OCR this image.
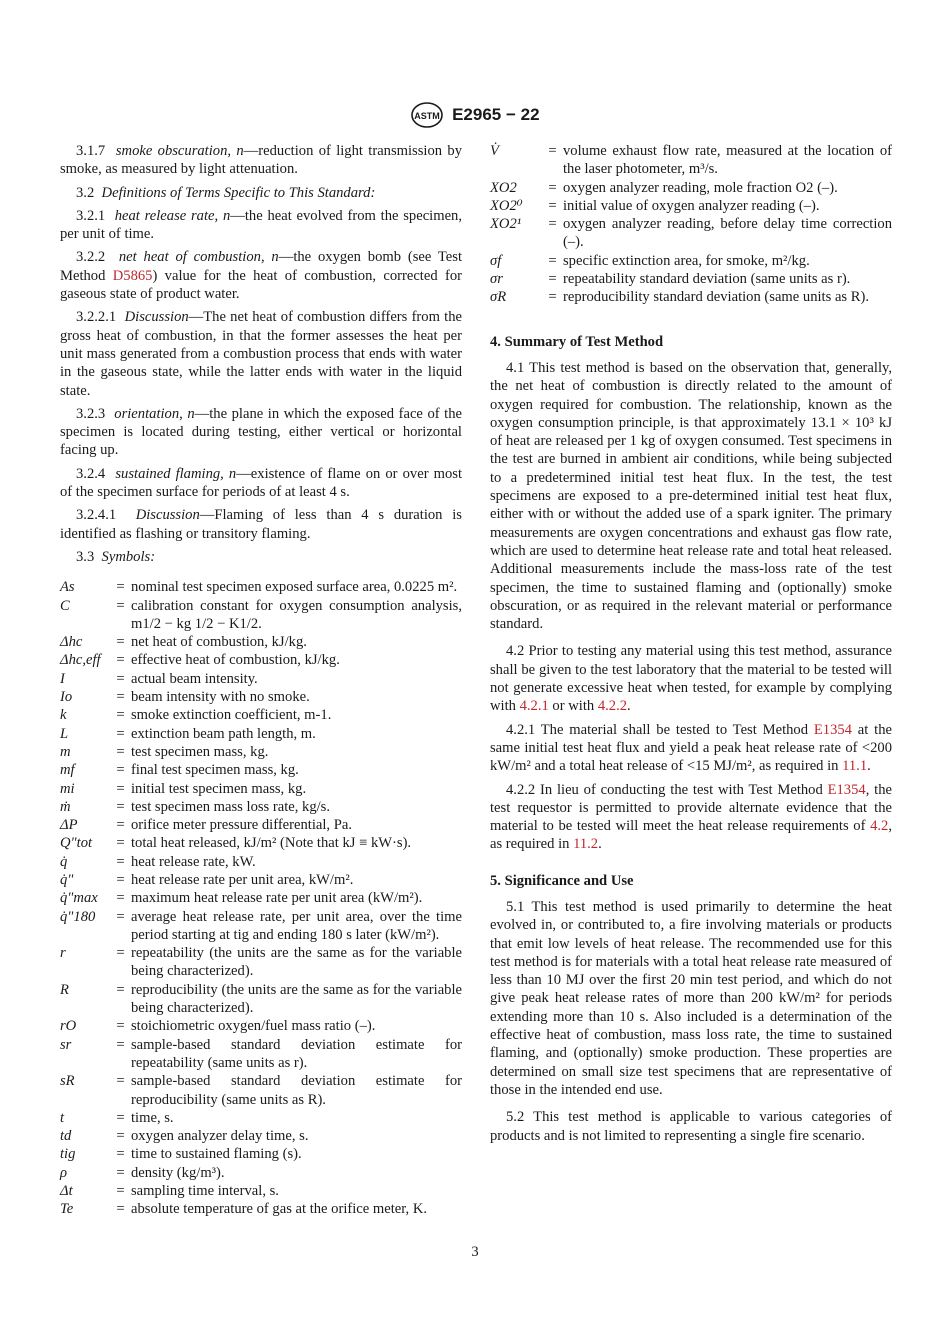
ASTM E2965 − 22

3.1.7 smoke obscuration, n—reduction of light transmission by smoke, as measured by light attenuation.

3.2 Definitions of Terms Specific to This Standard:

3.2.1 heat release rate, n—the heat evolved from the specimen, per unit of time.

3.2.2 net heat of combustion, n—the oxygen bomb (see Test Method D5865) value for the heat of combustion, corrected for gaseous state of product water.

3.2.2.1 Discussion—The net heat of combustion differs from the gross heat of combustion, in that the former assesses the heat per unit mass generated from a combustion process that ends with water in the gaseous state, while the latter ends with water in the liquid state.

3.2.3 orientation, n—the plane in which the exposed face of the specimen is located during testing, either vertical or horizontal facing up.

3.2.4 sustained flaming, n—existence of flame on or over most of the specimen surface for periods of at least 4 s.

3.2.4.1 Discussion—Flaming of less than 4 s duration is identified as flashing or transitory flaming.

3.3 Symbols:

As	= nominal test specimen exposed surface area, 0.0225 m².
C	= calibration constant for oxygen consumption analysis, m1/2 − kg 1/2 − K1/2.
Δhc	= net heat of combustion, kJ/kg.
Δhc,eff	= effective heat of combustion, kJ/kg.
I	= actual beam intensity.
Io	= beam intensity with no smoke.
k	= smoke extinction coefficient, m-1.
L	= extinction beam path length, m.
m	= test specimen mass, kg.
mf	= final test specimen mass, kg.
mi	= initial test specimen mass, kg.
ṁ	= test specimen mass loss rate, kg/s.
ΔP	= orifice meter pressure differential, Pa.
Q"tot	= total heat released, kJ/m² (Note that kJ ≡ kW·s).
q̇	= heat release rate, kW.
q̇"	= heat release rate per unit area, kW/m².
q̇"max	= maximum heat release rate per unit area (kW/m²).
q̇"180	= average heat release rate, per unit area, over the time period starting at tig and ending 180 s later (kW/m²).
r	= repeatability (the units are the same as for the variable being characterized).
R	= reproducibility (the units are the same as for the variable being characterized).
rO	= stoichiometric oxygen/fuel mass ratio (–).
sr	= sample-based standard deviation estimate for repeatability (same units as r).
sR	= sample-based standard deviation estimate for reproducibility (same units as R).
t	= time, s.
td	= oxygen analyzer delay time, s.
tig	= time to sustained flaming (s).
ρ	= density (kg/m³).
Δt	= sampling time interval, s.
Te	= absolute temperature of gas at the orifice meter, K.
V̇	= volume exhaust flow rate, measured at the location of the laser photometer, m³/s.
XO2	= oxygen analyzer reading, mole fraction O2 (–).
XO2⁰	= initial value of oxygen analyzer reading (–).
XO2¹	= oxygen analyzer reading, before delay time correction (–).
σf	= specific extinction area, for smoke, m²/kg.
σr	= repeatability standard deviation (same units as r).
σR	= reproducibility standard deviation (same units as R).

4. Summary of Test Method

4.1 This test method is based on the observation that, generally, the net heat of combustion is directly related to the amount of oxygen required for combustion. The relationship, known as the oxygen consumption principle, is that approximately 13.1 × 10³ kJ of heat are released per 1 kg of oxygen consumed. Test specimens in the test are burned in ambient air conditions, while being subjected to a predetermined initial test heat flux. In the test, the test specimens are exposed to a pre-determined initial test heat flux, either with or without the added use of a spark igniter. The primary measurements are oxygen concentrations and exhaust gas flow rate, which are used to determine heat release rate and total heat released. Additional measurements include the mass-loss rate of the test specimen, the time to sustained flaming and (optionally) smoke obscuration, or as required in the relevant material or performance standard.

4.2 Prior to testing any material using this test method, assurance shall be given to the test laboratory that the material to be tested will not generate excessive heat when tested, for example by complying with 4.2.1 or with 4.2.2.

4.2.1 The material shall be tested to Test Method E1354 at the same initial test heat flux and yield a peak heat release rate of <200 kW/m² and a total heat release of <15 MJ/m², as required in 11.1.

4.2.2 In lieu of conducting the test with Test Method E1354, the test requestor is permitted to provide alternate evidence that the material to be tested will meet the heat release requirements of 4.2, as required in 11.2.

5. Significance and Use

5.1 This test method is used primarily to determine the heat evolved in, or contributed to, a fire involving materials or products that emit low levels of heat release. The recommended use for this test method is for materials with a total heat release rate measured of less than 10 MJ over the first 20 min test period, and which do not give peak heat release rates of more than 200 kW/m² for periods extending more than 10 s. Also included is a determination of the effective heat of combustion, mass loss rate, the time to sustained flaming, and (optionally) smoke production. These properties are determined on small size test specimens that are representative of those in the intended end use.

5.2 This test method is applicable to various categories of products and is not limited to representing a single fire scenario.

3
